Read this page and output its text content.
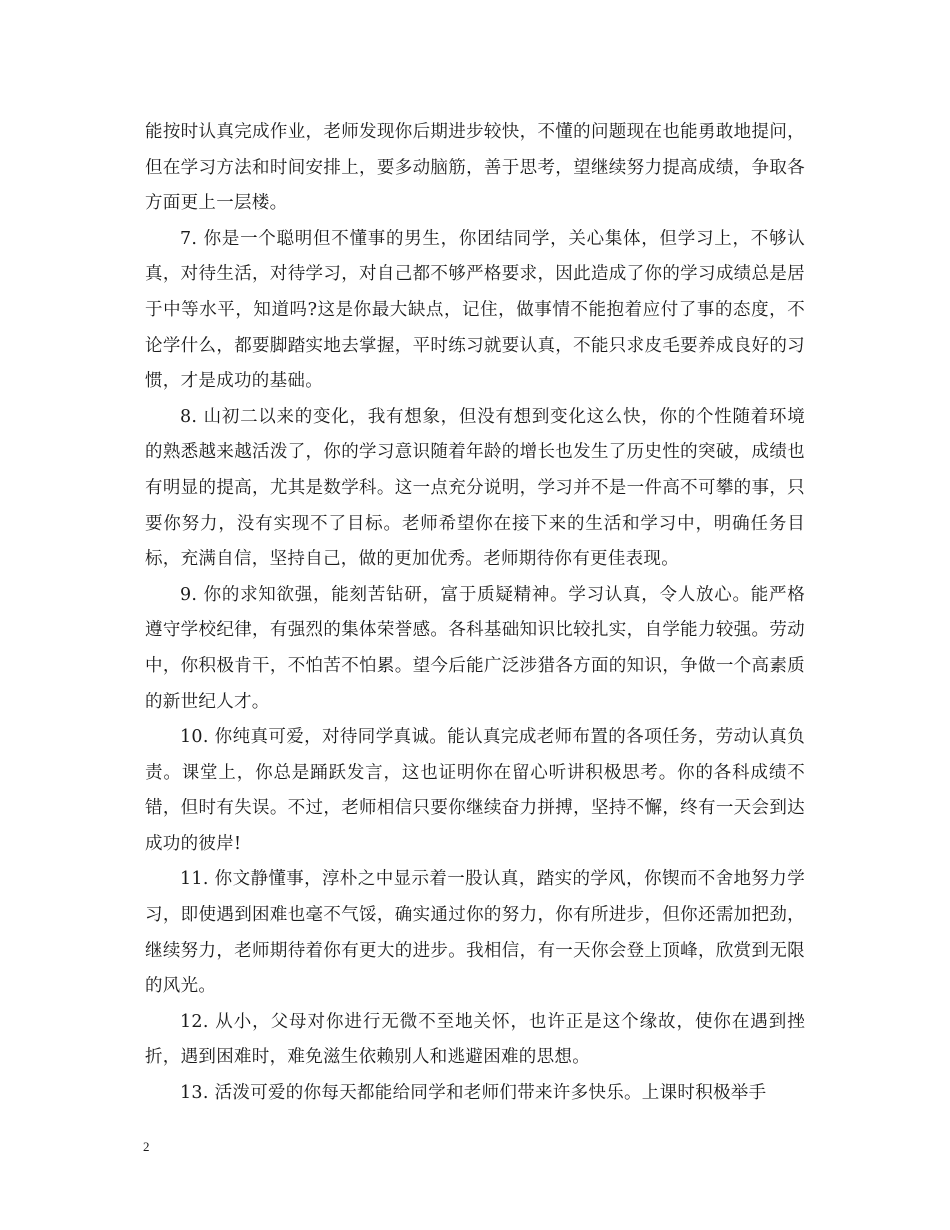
能按时认真完成作业，老师发现你后期进步较快，不懂的问题现在也能勇敢地提问，但在学习方法和时间安排上，要多动脑筋，善于思考，望继续努力提高成绩，争取各方面更上一层楼。

7. 你是一个聪明但不懂事的男生，你团结同学，关心集体，但学习上，不够认真，对待生活，对待学习，对自己都不够严格要求，因此造成了你的学习成绩总是居于中等水平，知道吗?这是你最大缺点，记住，做事情不能抱着应付了事的态度，不论学什么，都要脚踏实地去掌握，平时练习就要认真，不能只求皮毛要养成良好的习惯，才是成功的基础。

8. 山初二以来的变化，我有想象，但没有想到变化这么快，你的个性随着环境的熟悉越来越活泼了，你的学习意识随着年龄的增长也发生了历史性的突破，成绩也有明显的提高，尤其是数学科。这一点充分说明，学习并不是一件高不可攀的事，只要你努力，没有实现不了目标。老师希望你在接下来的生活和学习中，明确任务目标，充满自信，坚持自己，做的更加优秀。老师期待你有更佳表现。

9. 你的求知欲强，能刻苦钻研，富于质疑精神。学习认真，令人放心。能严格遵守学校纪律，有强烈的集体荣誉感。各科基础知识比较扎实，自学能力较强。劳动中，你积极肯干，不怕苦不怕累。望今后能广泛涉猎各方面的知识，争做一个高素质的新世纪人才。

10. 你纯真可爱，对待同学真诚。能认真完成老师布置的各项任务，劳动认真负责。课堂上，你总是踊跃发言，这也证明你在留心听讲积极思考。你的各科成绩不错，但时有失误。不过，老师相信只要你继续奋力拼搏，坚持不懈，终有一天会到达成功的彼岸!

11. 你文静懂事，淳朴之中显示着一股认真，踏实的学风，你锲而不舍地努力学习，即使遇到困难也毫不气馁，确实通过你的努力，你有所进步，但你还需加把劲，继续努力，老师期待着你有更大的进步。我相信，有一天你会登上顶峰，欣赏到无限的风光。

12. 从小，父母对你进行无微不至地关怀，也许正是这个缘故，使你在遇到挫折，遇到困难时，难免滋生依赖别人和逃避困难的思想。

13. 活泼可爱的你每天都能给同学和老师们带来许多快乐。上课时积极举手

2
